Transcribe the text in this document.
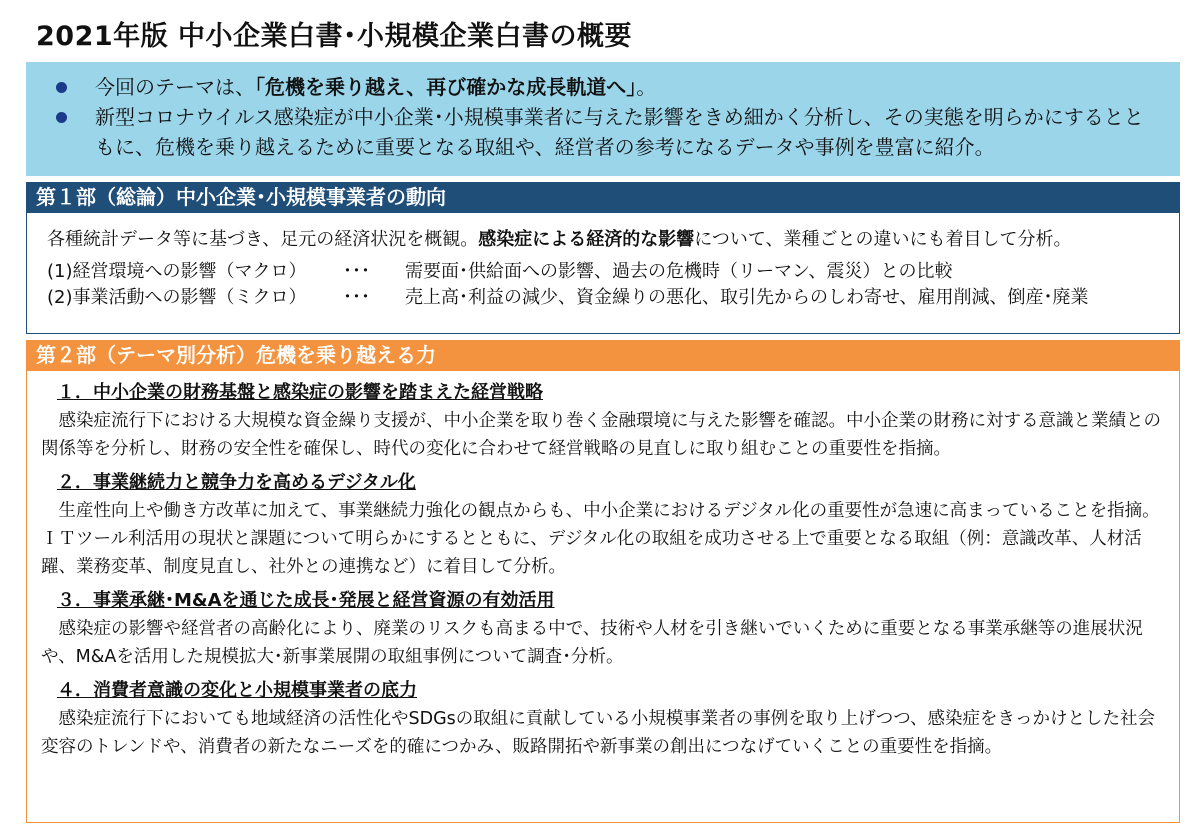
2021年版 中小企業白書･小規模企業白書の概要
今回のテーマは、「危機を乗り越え、再び確かな成長軌道へ」。
新型コロナウイルス感染症が中小企業･小規模事業者に与えた影響をきめ細かく分析し、その実態を明らかにするとともに、危機を乗り越えるために重要となる取組や、経営者の参考になるデータや事例を豊富に紹介。
第１部（総論）中小企業･小規模事業者の動向
各種統計データ等に基づき、足元の経済状況を概観。感染症による経済的な影響について、業種ごとの違いにも着目して分析。
(1)経営環境への影響（マクロ）	･･･	需要面･供給面への影響、過去の危機時（リーマン、震災）との比較
(2)事業活動への影響（ミクロ）	･･･	売上高･利益の減少、資金繰りの悪化、取引先からのしわ寄せ、雇用削減、倒産･廃業
第２部（テーマ別分析）危機を乗り越える力
１．中小企業の財務基盤と感染症の影響を踏まえた経営戦略

感染症流行下における大規模な資金繰り支援が、中小企業を取り巻く金融環境に与えた影響を確認。中小企業の財務に対する意識と業績との関係等を分析し、財務の安全性を確保し、時代の変化に合わせて経営戦略の見直しに取り組むことの重要性を指摘。

２．事業継続力と競争力を高めるデジタル化

生産性向上や働き方改革に加えて、事業継続力強化の観点からも、中小企業におけるデジタル化の重要性が急速に高まっていることを指摘。ＩＴツール利活用の現状と課題について明らかにするとともに、デジタル化の取組を成功させる上で重要となる取組（例：意識改革、人材活躍、業務変革、制度見直し、社外との連携など）に着目して分析。

３．事業承継･M&Aを通じた成長･発展と経営資源の有効活用

感染症の影響や経営者の高齢化により、廃業のリスクも高まる中で、技術や人材を引き継いでいくために重要となる事業承継等の進展状況や、M&Aを活用した規模拡大･新事業展開の取組事例について調査･分析。

４．消費者意識の変化と小規模事業者の底力

感染症流行下においても地域経済の活性化やSDGsの取組に貢献している小規模事業者の事例を取り上げつつ、感染症をきっかけとした社会変容のトレンドや、消費者の新たなニーズを的確につかみ、販路開拓や新事業の創出につなげていくことの重要性を指摘。
